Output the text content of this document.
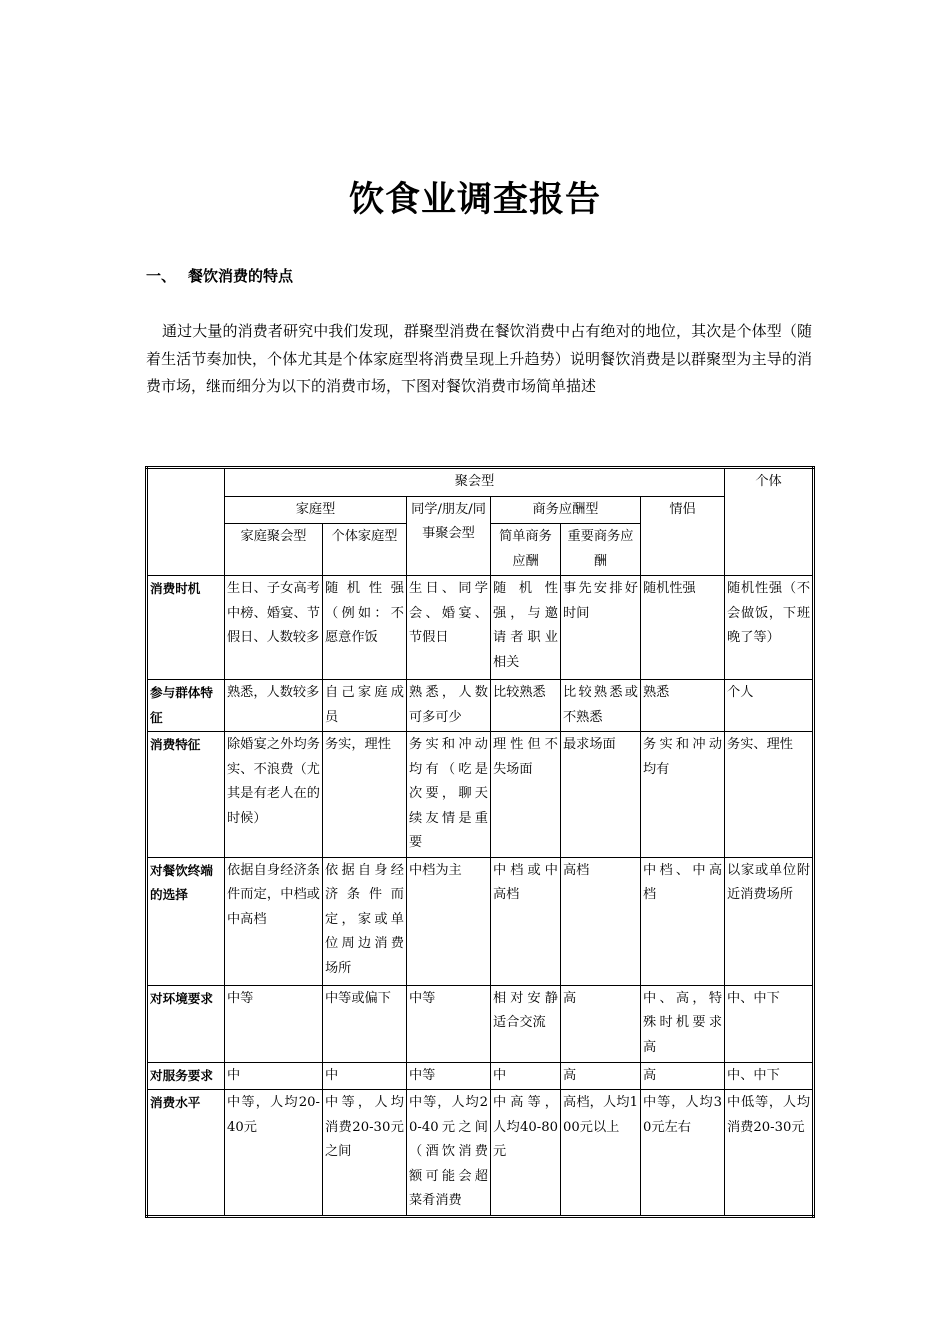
饮食业调查报告
一、 餐饮消费的特点
通过大量的消费者研究中我们发现，群聚型消费在餐饮消费中占有绝对的地位，其次是个体型（随着生活节奏加快，个体尤其是个体家庭型将消费呈现上升趋势）说明餐饮消费是以群聚型为主导的消费市场，继而细分为以下的消费市场，下图对餐饮消费市场简单描述
	聚会型						个体
	家庭型		同学/朋友/同事聚会型	商务应酬型		情侣	
	家庭聚会型	个体家庭型		简单商务应酬	重要商务应酬		
消费时机	生日、子女高考中榜、婚宴、节假日、人数较多	随机性强（例如：不愿意作饭	生日、同学会、婚宴、节假日	随机性强，与邀请者职业相关	事先安排好时间	随机性强	随机性强（不会做饭，下班晚了等）
参与群体特征	熟悉，人数较多	自己家庭成员	熟悉，人数可多可少	比较熟悉	比较熟悉或不熟悉	熟悉	个人
消费特征	除婚宴之外均务实、不浪费（尤其是有老人在的时候）	务实，理性	务实和冲动均有（吃是次要，聊天续友情是重要	理性但不失场面	最求场面	务实和冲动均有	务实、理性
对餐饮终端的选择	依据自身经济条件而定，中档或中高档	依据自身经济条件而定，家或单位周边消费场所	中档为主	中档或中高档	高档	中档、中高档	以家或单位附近消费场所
对环境要求	中等	中等或偏下	中等	相对安静适合交流	高	中、高，特殊时机要求高	中、中下
对服务要求	中	中	中等	中	高	高	中、中下
消费水平	中等，人均20-40元	中等，人均消费20-30元之间	中等，人均20-40元之间（酒饮消费额可能会超菜肴消费	中高等，人均40-80元	高档，人均100元以上	中等，人均30元左右	中低等，人均消费20-30元
